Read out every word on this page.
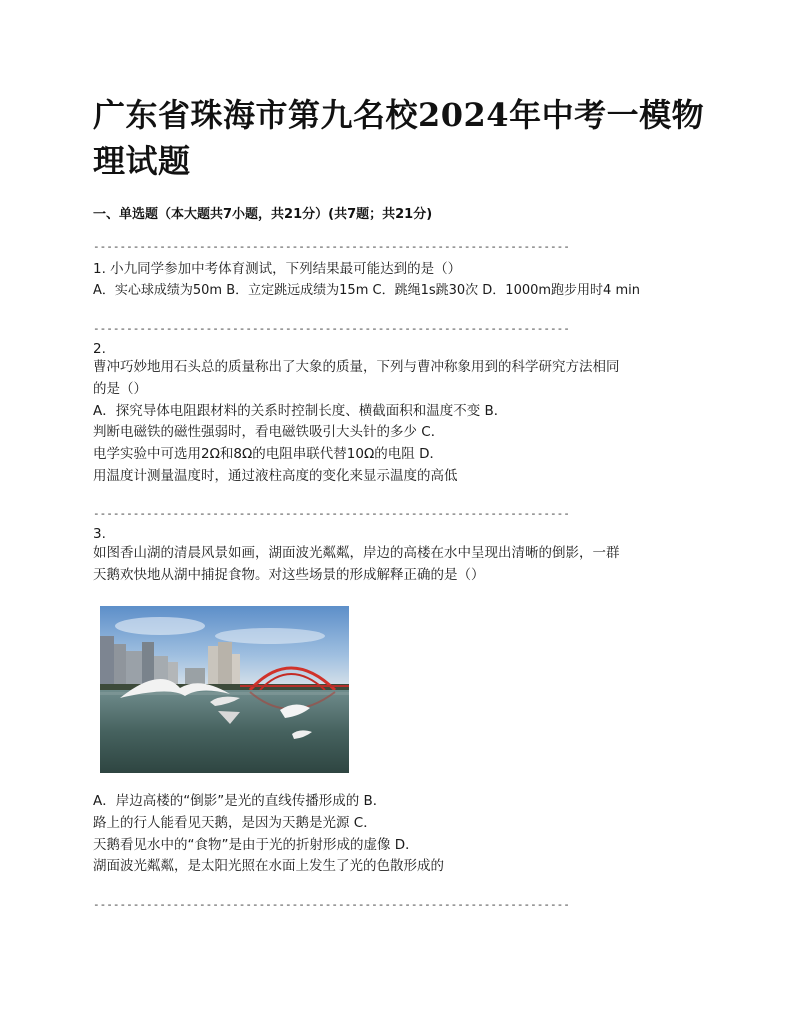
广东省珠海市第九名校2024年中考一模物理试题
一、单选题（本大题共7小题，共21分）(共7题；共21分)
------------------------------------------------------------------------
1. 小九同学参加中考体育测试，下列结果最可能达到的是（）
A．实心球成绩为50m B．立定跳远成绩为15m C．跳绳1s跳30次 D．1000m跑步用时4 min
------------------------------------------------------------------------
2.
曹冲巧妙地用石头总的质量称出了大象的质量，下列与曹冲称象用到的科学研究方法相同
的是（）
A．探究导体电阻跟材料的关系时控制长度、横截面积和温度不变 B．
判断电磁铁的磁性强弱时，看电磁铁吸引大头针的多少 C．
电学实验中可选用2Ω和8Ω的电阻串联代替10Ω的电阻 D．
用温度计测量温度时，通过液柱高度的变化来显示温度的高低
------------------------------------------------------------------------
3.
如图香山湖的清晨风景如画，湖面波光粼粼，岸边的高楼在水中呈现出清晰的倒影，一群
天鹅欢快地从湖中捕捉食物。对这些场景的形成解释正确的是（）
A．岸边高楼的“倒影”是光的直线传播形成的 B．
路上的行人能看见天鹅，是因为天鹅是光源 C．
天鹅看见水中的“食物”是由于光的折射形成的虚像 D．
湖面波光粼粼，是太阳光照在水面上发生了光的色散形成的
------------------------------------------------------------------------
